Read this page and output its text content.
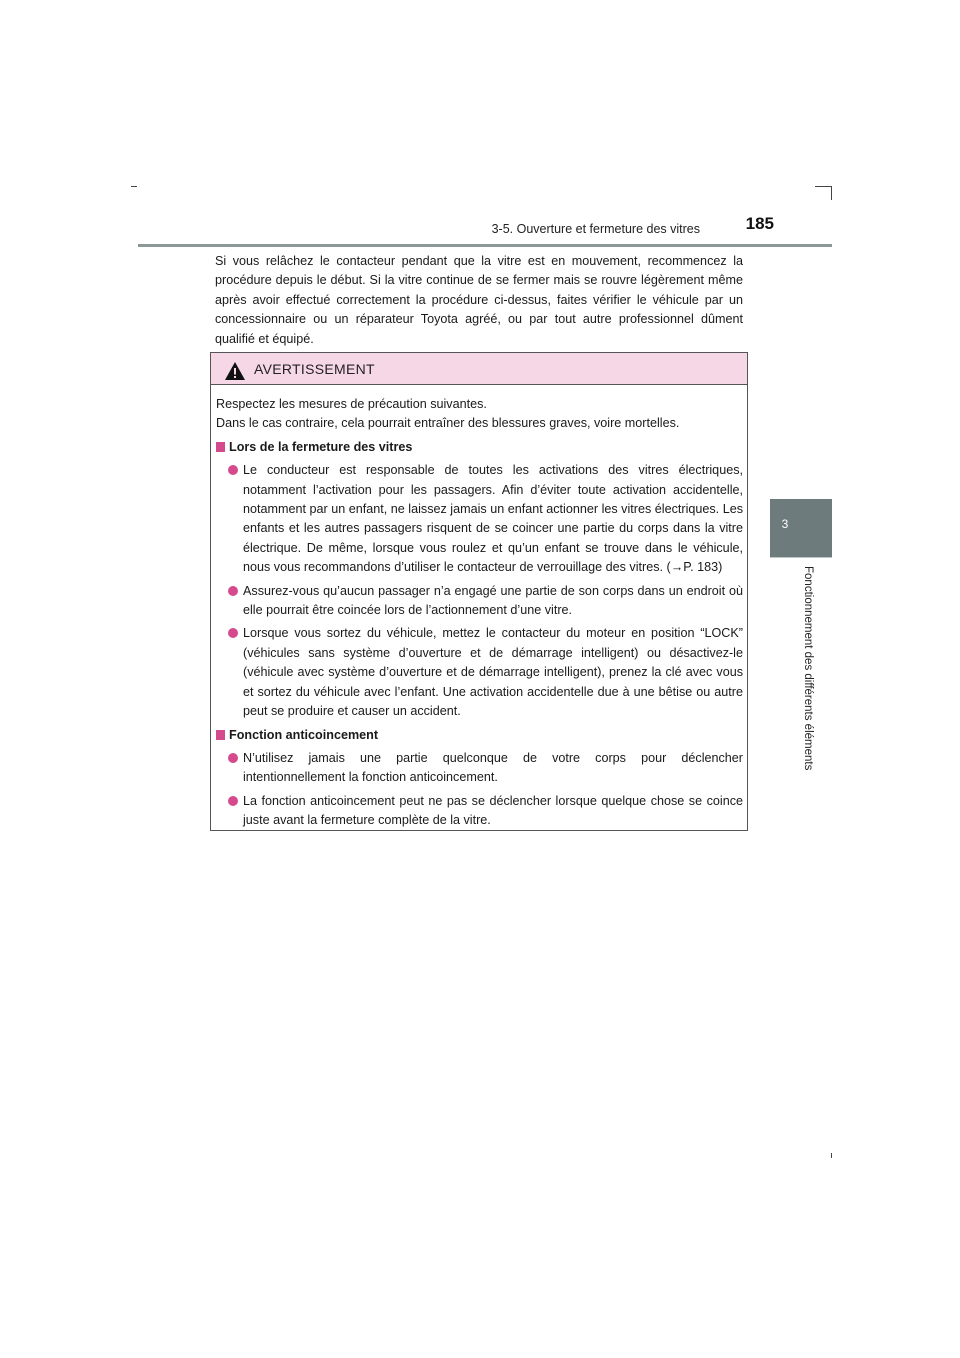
3-5. Ouverture et fermeture des vitres	185
3
Fonctionnement des différents éléments

Si vous relâchez le contacteur pendant que la vitre est en mouvement, recommencez la procédure depuis le début. Si la vitre continue de se fermer mais se rouvre légèrement même après avoir effectué correctement la procédure ci-dessus, faites vérifier le véhicule par un concessionnaire ou un réparateur Toyota agréé, ou par tout autre professionnel dûment qualifié et équipé.

AVERTISSEMENT

Respectez les mesures de précaution suivantes.

Dans le cas contraire, cela pourrait entraîner des blessures graves, voire mortelles.

Lors de la fermeture des vitres

Le conducteur est responsable de toutes les activations des vitres électriques, notamment l’activation pour les passagers. Afin d’éviter toute activation accidentelle, notamment par un enfant, ne laissez jamais un enfant actionner les vitres électriques. Les enfants et les autres passagers risquent de se coincer une partie du corps dans la vitre électrique. De même, lorsque vous roulez et qu’un enfant se trouve dans le véhicule, nous vous recommandons d’utiliser le contacteur de verrouillage des vitres. (→P. 183)

Assurez-vous qu’aucun passager n’a engagé une partie de son corps dans un endroit où elle pourrait être coincée lors de l’actionnement d’une vitre.

Lorsque vous sortez du véhicule, mettez le contacteur du moteur en position “LOCK” (véhicules sans système d’ouverture et de démarrage intelligent) ou désactivez-le (véhicule avec système d’ouverture et de démarrage intelligent), prenez la clé avec vous et sortez du véhicule avec l’enfant. Une activation accidentelle due à une bêtise ou autre peut se produire et causer un accident.

Fonction anticoincement

N’utilisez jamais une partie quelconque de votre corps pour déclencher intentionnellement la fonction anticoincement.

La fonction anticoincement peut ne pas se déclencher lorsque quelque chose se coince juste avant la fermeture complète de la vitre.
